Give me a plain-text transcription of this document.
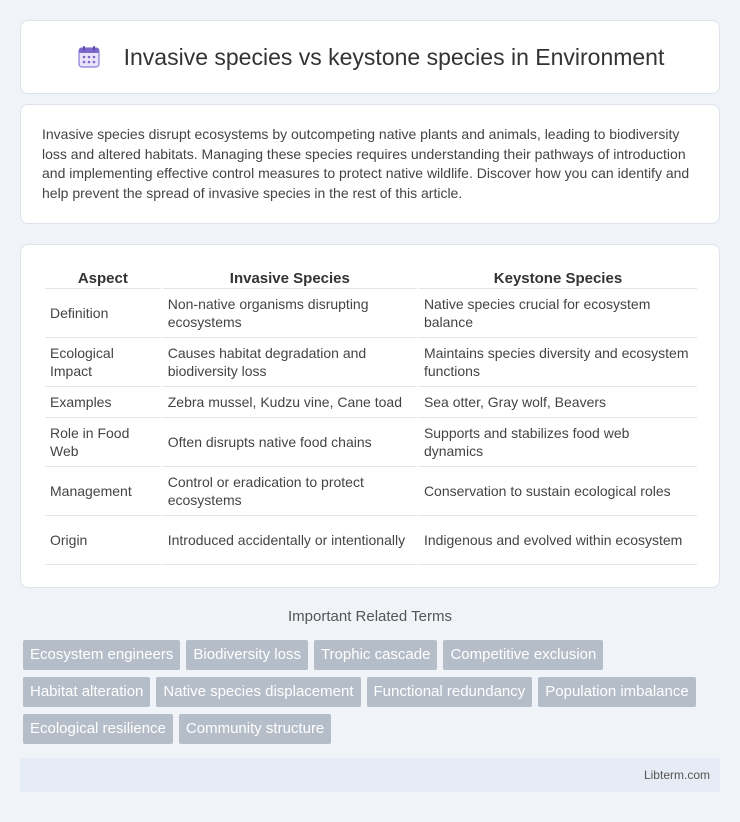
Invasive species vs keystone species in Environment

Invasive species disrupt ecosystems by outcompeting native plants and animals, leading to biodiversity loss and altered habitats. Managing these species requires understanding their pathways of introduction and implementing effective control measures to protect native wildlife. Discover how you can identify and help prevent the spread of invasive species in the rest of this article.

Aspect	Invasive Species	Keystone Species
Definition	Non-native organisms disrupting ecosystems	Native species crucial for ecosystem balance
Ecological Impact	Causes habitat degradation and biodiversity loss	Maintains species diversity and ecosystem functions
Examples	Zebra mussel, Kudzu vine, Cane toad	Sea otter, Gray wolf, Beavers
Role in Food Web	Often disrupts native food chains	Supports and stabilizes food web dynamics
Management	Control or eradication to protect ecosystems	Conservation to sustain ecological roles
Origin	Introduced accidentally or intentionally	Indigenous and evolved within ecosystem
Important Related Terms
Ecosystem engineers	Biodiversity loss	Trophic cascade	Competitive exclusion
Habitat alteration	Native species displacement	Functional redundancy	Population imbalance
Ecological resilience	Community structure
Libterm.com
